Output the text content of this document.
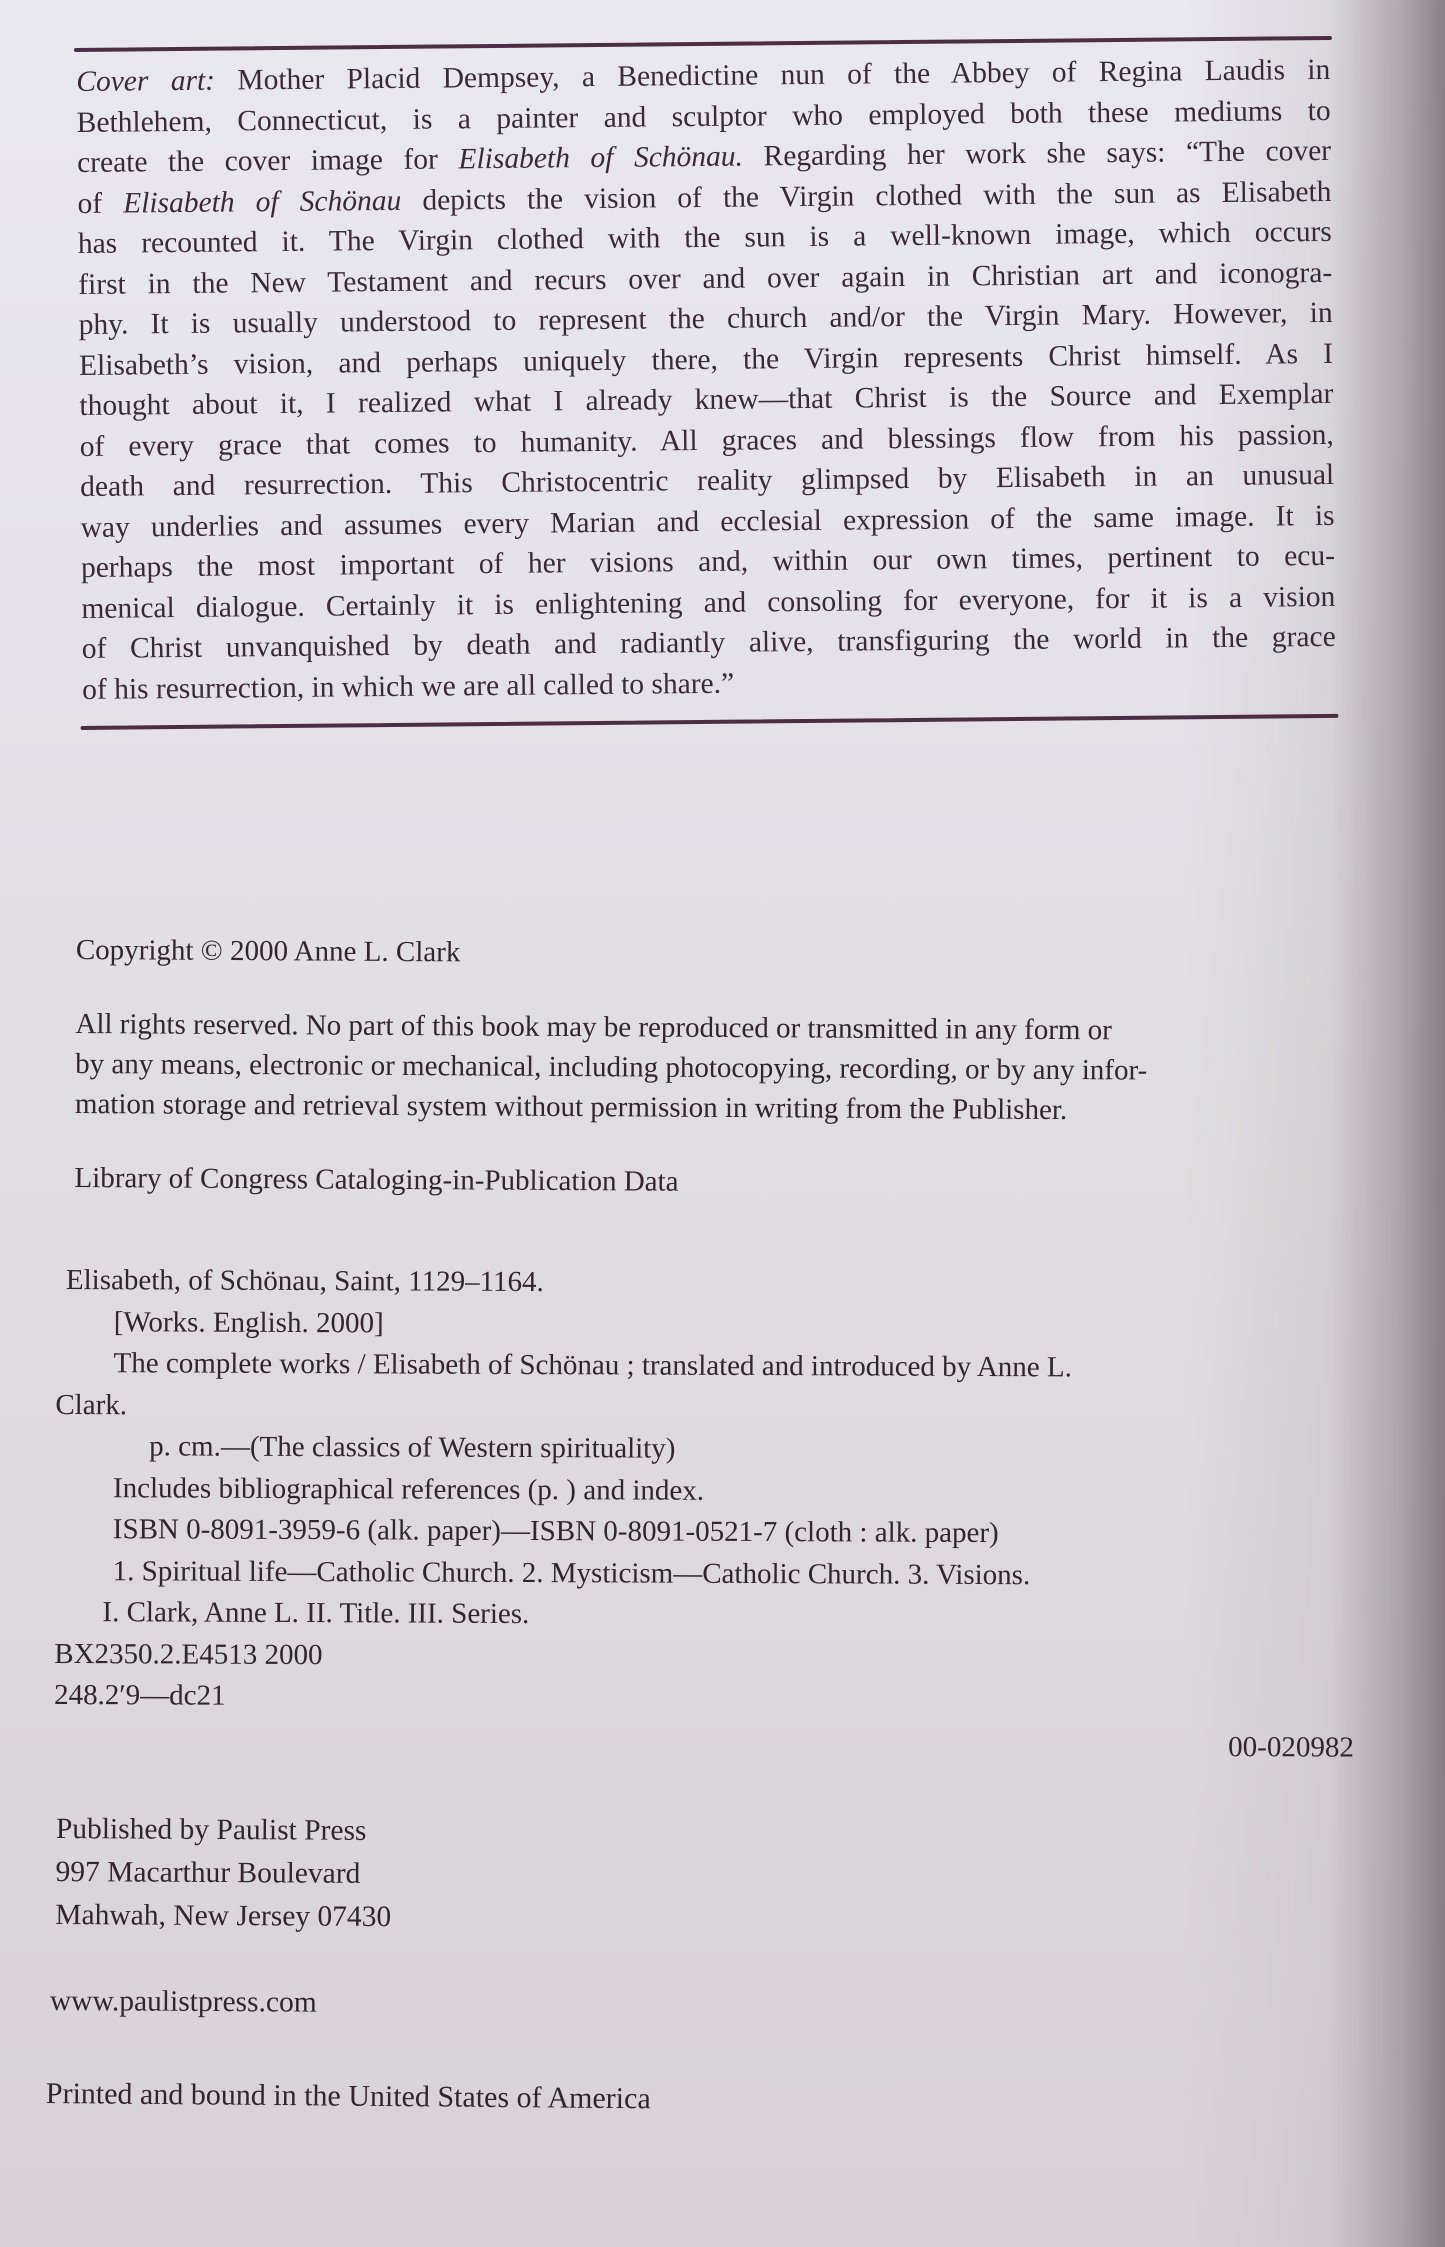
Cover art: Mother Placid Dempsey, a Benedictine nun of the Abbey of Regina Laudis in
Bethlehem, Connecticut, is a painter and sculptor who employed both these mediums to
create the cover image for Elisabeth of Schönau. Regarding her work she says: “The cover
of Elisabeth of Schönau depicts the vision of the Virgin clothed with the sun as Elisabeth
has recounted it. The Virgin clothed with the sun is a well-known image, which occurs
first in the New Testament and recurs over and over again in Christian art and iconogra-
phy. It is usually understood to represent the church and/or the Virgin Mary. However, in
Elisabeth’s vision, and perhaps uniquely there, the Virgin represents Christ himself. As I
thought about it, I realized what I already knew—that Christ is the Source and Exemplar
of every grace that comes to humanity. All graces and blessings flow from his passion,
death and resurrection. This Christocentric reality glimpsed by Elisabeth in an unusual
way underlies and assumes every Marian and ecclesial expression of the same image. It is
perhaps the most important of her visions and, within our own times, pertinent to ecu-
menical dialogue. Certainly it is enlightening and consoling for everyone, for it is a vision
of Christ unvanquished by death and radiantly alive, transfiguring the world in the grace
of his resurrection, in which we are all called to share.”

Copyright © 2000 Anne L. Clark

All rights reserved. No part of this book may be reproduced or transmitted in any form or
by any means, electronic or mechanical, including photocopying, recording, or by any infor-
mation storage and retrieval system without permission in writing from the Publisher.

Library of Congress Cataloging-in-Publication Data

Elisabeth, of Schönau, Saint, 1129–1164.
[Works. English. 2000]
The complete works / Elisabeth of Schönau ; translated and introduced by Anne L.
Clark.
p. cm.—(The classics of Western spirituality)
Includes bibliographical references (p. ) and index.
ISBN 0-8091-3959-6 (alk. paper)—ISBN 0-8091-0521-7 (cloth : alk. paper)
1. Spiritual life—Catholic Church. 2. Mysticism—Catholic Church. 3. Visions.
I. Clark, Anne L. II. Title. III. Series.
BX2350.2.E4513 2000
248.2′9—dc21
00-020982
Published by Paulist Press
997 Macarthur Boulevard
Mahwah, New Jersey 07430
www.paulistpress.com
Printed and bound in the United States of America
